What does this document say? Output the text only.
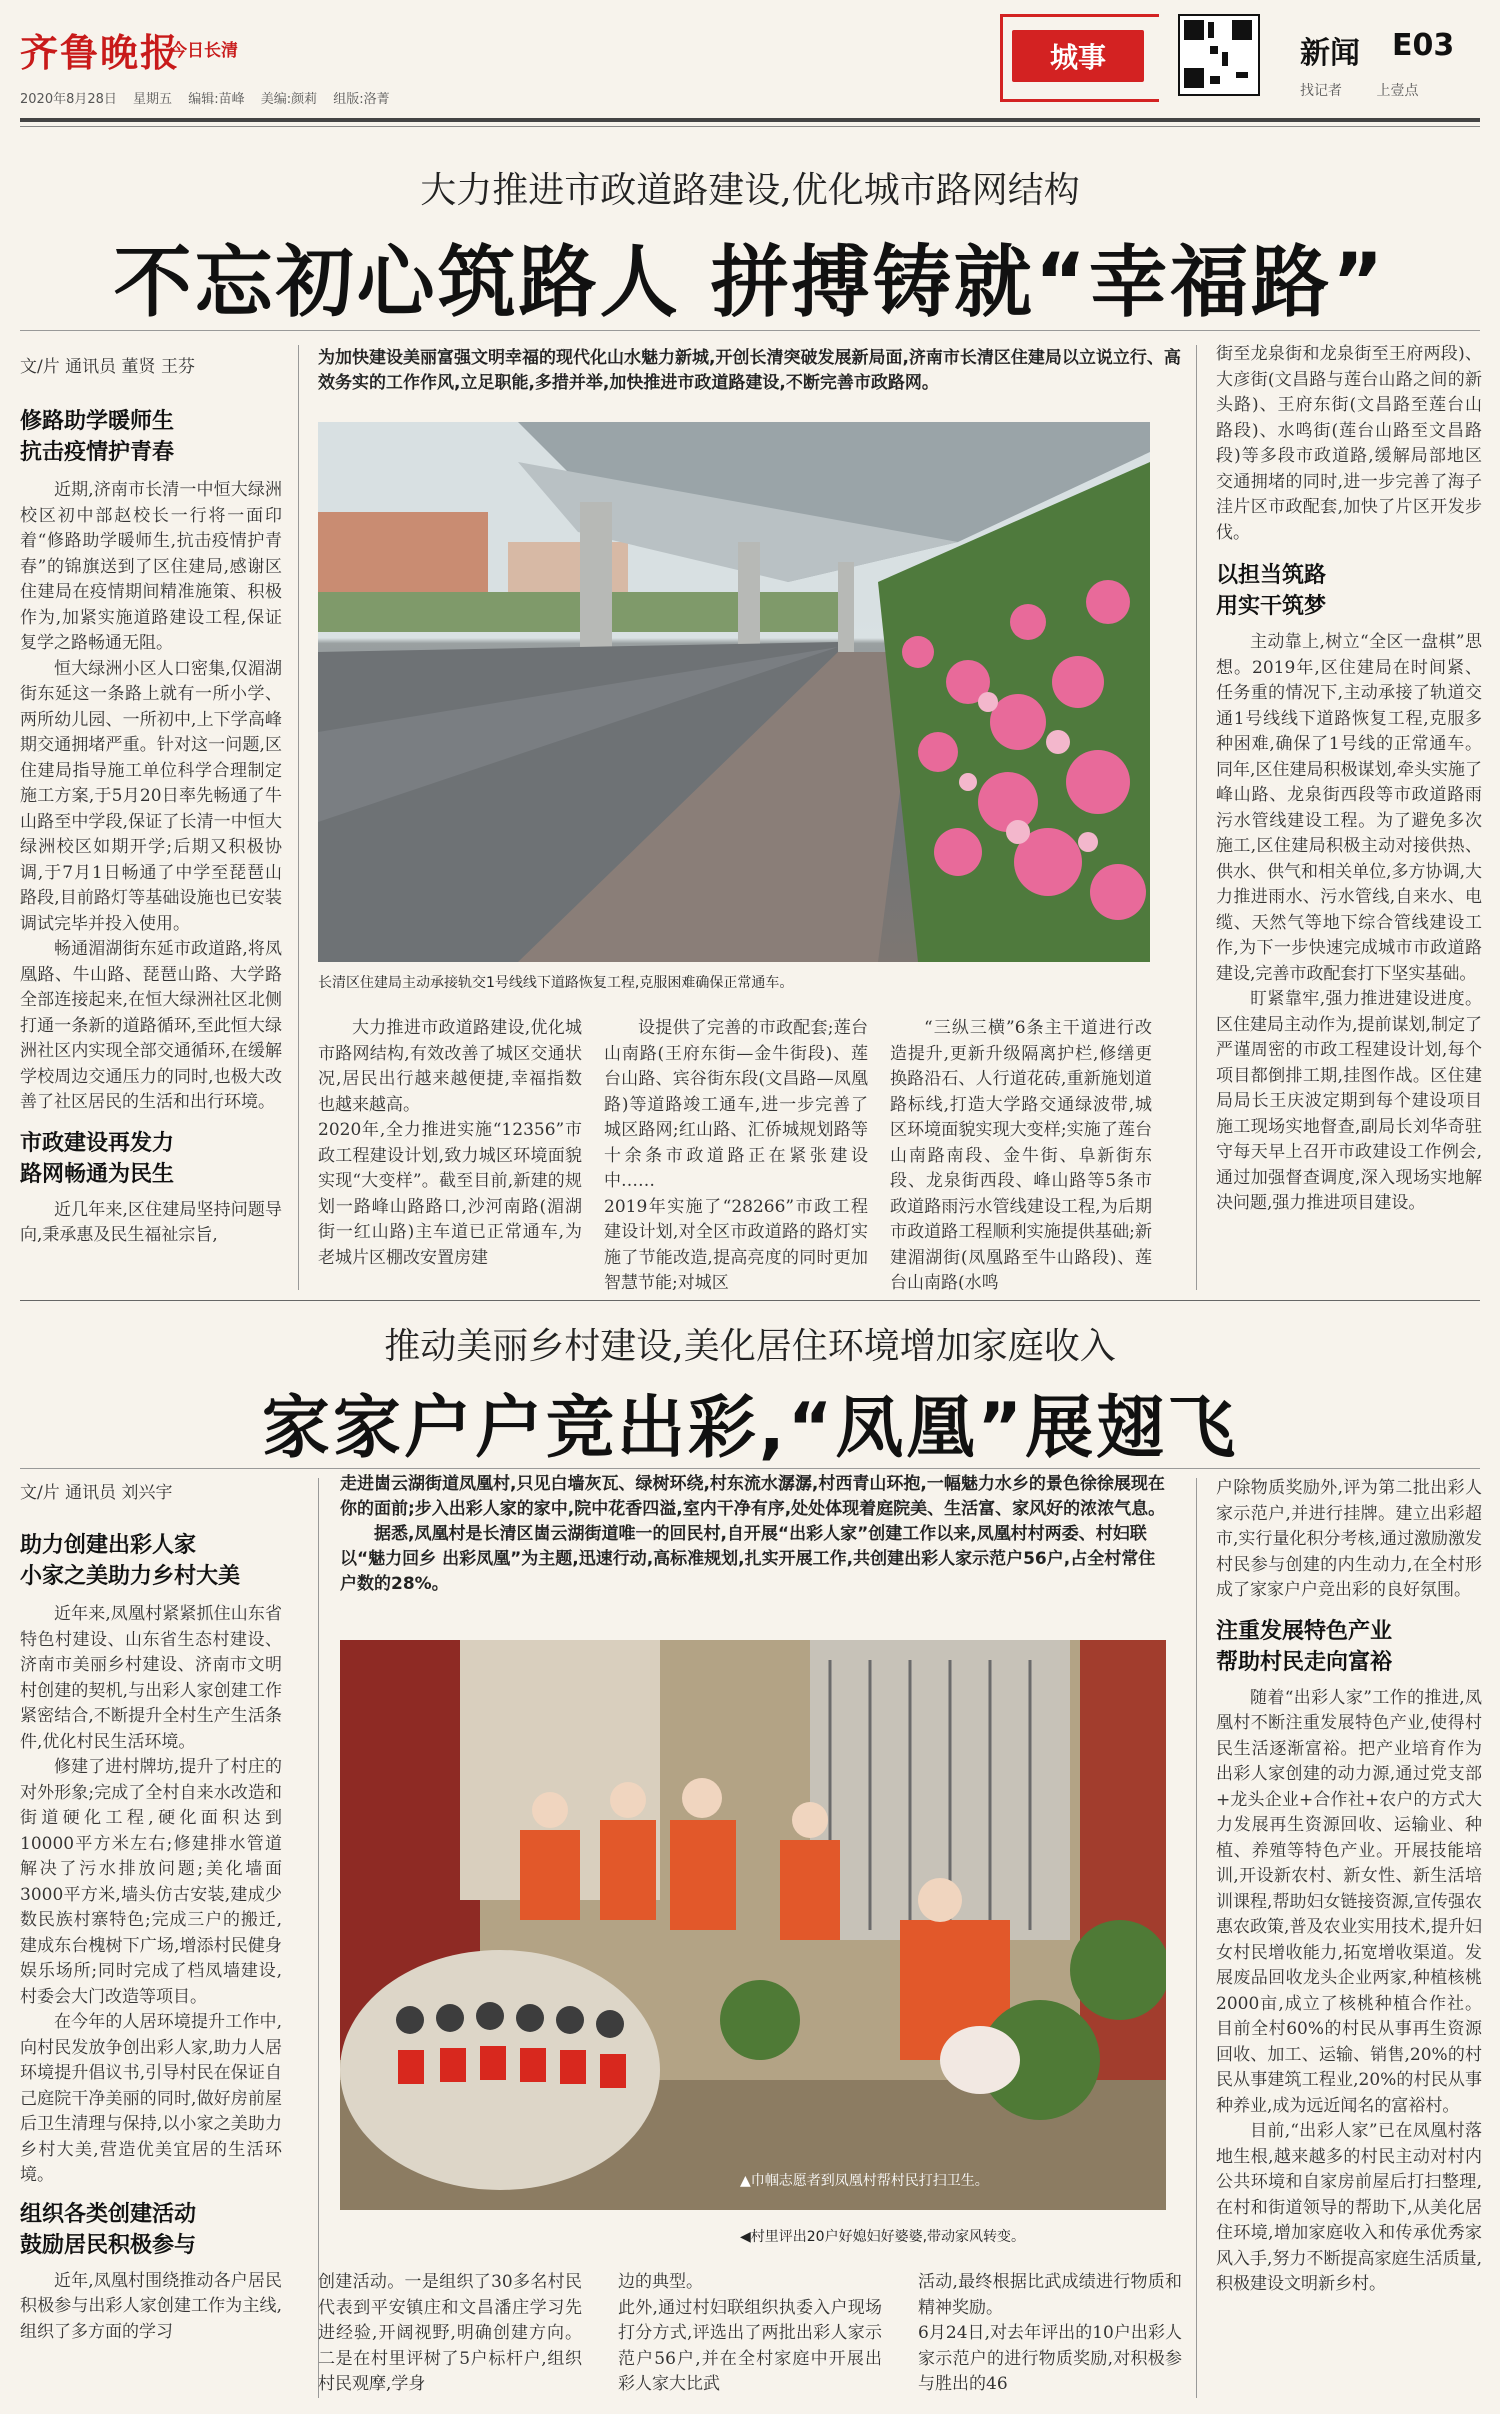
齐鲁晚报
今日长清
2020年8月28日 星期五 编辑:苗峰 美编:颜莉 组版:洛菁
城事	新闻 E03
找记者 上壹点
大力推进市政道路建设,优化城市路网结构
不忘初心筑路人 拼搏铸就“幸福路”
文/片 通讯员 董贤 王芬	为加快建设美丽富强文明幸福的现代化山水魅力新城,开创长清突破发展新局面,济南市长清区住建局以立说立行、高效务实的工作作风,立足职能,多措并举,加快推进市政道路建设,不断完善市政路网。
修路助学暖师生
抗击疫情护青春

近期,济南市长清一中恒大绿洲校区初中部赵校长一行将一面印着“修路助学暖师生,抗击疫情护青春”的锦旗送到了区住建局,感谢区住建局在疫情期间精准施策、积极作为,加紧实施道路建设工程,保证复学之路畅通无阻。

恒大绿洲小区人口密集,仅湄湖街东延这一条路上就有一所小学、两所幼儿园、一所初中,上下学高峰期交通拥堵严重。针对这一问题,区住建局指导施工单位科学合理制定施工方案,于5月20日率先畅通了牛山路至中学段,保证了长清一中恒大绿洲校区如期开学;后期又积极协调,于7月1日畅通了中学至琵琶山路段,目前路灯等基础设施也已安装调试完毕并投入使用。

畅通湄湖街东延市政道路,将凤凰路、牛山路、琵琶山路、大学路全部连接起来,在恒大绿洲社区北侧打通一条新的道路循环,至此恒大绿洲社区内实现全部交通循环,在缓解学校周边交通压力的同时,也极大改善了社区居民的生活和出行环境。

市政建设再发力
路网畅通为民生

近几年来,区住建局坚持问题导向,秉承惠及民生福祉宗旨,

长清区住建局主动承接轨交1号线线下道路恢复工程,克服困难确保正常通车。
大力推进市政道路建设,优化城市路网结构,有效改善了城区交通状况,居民出行越来越便捷,幸福指数也越来越高。
2020年,全力推进实施“12356”市政工程建设计划,致力城区环境面貌实现“大变样”。截至目前,新建的规划一路峰山路路口,沙河南路(湄湖街一红山路)主车道已正常通车,为老城片区棚改安置房建
设提供了完善的市政配套;莲台山南路(王府东街—金牛街段)、莲台山路、宾谷街东段(文昌路—凤凰路)等道路竣工通车,进一步完善了城区路网;红山路、汇侨城规划路等十余条市政道路正在紧张建设中……
2019年实施了“28266”市政工程建设计划,对全区市政道路的路灯实施了节能改造,提高亮度的同时更加智慧节能;对城区
“三纵三横”6条主干道进行改造提升,更新升级隔离护栏,修缮更换路沿石、人行道花砖,重新施划道路标线,打造大学路交通绿波带,城区环境面貌实现大变样;实施了莲台山南路南段、金牛街、阜新街东段、龙泉街西段、峰山路等5条市政道路雨污水管线建设工程,为后期市政道路工程顺利实施提供基础;新建湄湖街(凤凰路至牛山路段)、莲台山南路(水鸣

街至龙泉街和龙泉街至王府两段)、大彦街(文昌路与莲台山路之间的新头路)、王府东街(文昌路至莲台山路段)、水鸣街(莲台山路至文昌路段)等多段市政道路,缓解局部地区交通拥堵的同时,进一步完善了海子洼片区市政配套,加快了片区开发步伐。

以担当筑路
用实干筑梦

主动靠上,树立“全区一盘棋”思想。2019年,区住建局在时间紧、任务重的情况下,主动承接了轨道交通1号线线下道路恢复工程,克服多种困难,确保了1号线的正常通车。同年,区住建局积极谋划,牵头实施了峰山路、龙泉街西段等市政道路雨污水管线建设工程。为了避免多次施工,区住建局积极主动对接供热、供水、供气和相关单位,多方协调,大力推进雨水、污水管线,自来水、电缆、天然气等地下综合管线建设工作,为下一步快速完成城市市政道路建设,完善市政配套打下坚实基础。

盯紧靠牢,强力推进建设进度。区住建局主动作为,提前谋划,制定了严谨周密的市政工程建设计划,每个项目都倒排工期,挂图作战。区住建局局长王庆波定期到每个建设项目施工现场实地督查,副局长刘华奇驻守每天早上召开市政建设工作例会,通过加强督查调度,深入现场实地解决问题,强力推进项目建设。

推动美丽乡村建设,美化居住环境增加家庭收入
家家户户竞出彩,“凤凰”展翅飞
文/片 通讯员 刘兴宇	走进崮云湖街道凤凰村,只见白墙灰瓦、绿树环绕,村东流水潺潺,村西青山环抱,一幅魅力水乡的景色徐徐展现在你的面前;步入出彩人家的家中,院中花香四溢,室内干净有序,处处体现着庭院美、生活富、家风好的浓浓气息。
据悉,凤凰村是长清区崮云湖街道唯一的回民村,自开展“出彩人家”创建工作以来,凤凰村村两委、村妇联以“魅力回乡 出彩凤凰”为主题,迅速行动,高标准规划,扎实开展工作,共创建出彩人家示范户56户,占全村常住户数的28%。
助力创建出彩人家
小家之美助力乡村大美

近年来,凤凰村紧紧抓住山东省特色村建设、山东省生态村建设、济南市美丽乡村建设、济南市文明村创建的契机,与出彩人家创建工作紧密结合,不断提升全村生产生活条件,优化村民生活环境。

修建了进村牌坊,提升了村庄的对外形象;完成了全村自来水改造和街道硬化工程,硬化面积达到10000平方米左右;修建排水管道解决了污水排放问题;美化墙面3000平方米,墙头仿古安装,建成少数民族村寨特色;完成三户的搬迁,建成东台槐树下广场,增添村民健身娱乐场所;同时完成了档凤墙建设,村委会大门改造等项目。

在今年的人居环境提升工作中,向村民发放争创出彩人家,助力人居环境提升倡议书,引导村民在保证自己庭院干净美丽的同时,做好房前屋后卫生清理与保持,以小家之美助力乡村大美,营造优美宜居的生活环境。

组织各类创建活动
鼓励居民积极参与

近年,凤凰村围绕推动各户居民积极参与出彩人家创建工作为主线,组织了多方面的学习

▲巾帼志愿者到凤凰村帮村民打扫卫生。
◀村里评出20户好媳妇好婆婆,带动家风转变。
创建活动。一是组织了30多名村民代表到平安镇庄和文昌潘庄学习先进经验,开阔视野,明确创建方向。二是在村里评树了5户标杆户,组织村民观摩,学身
边的典型。
此外,通过村妇联组织执委入户现场打分方式,评选出了两批出彩人家示范户56户,并在全村家庭中开展出彩人家大比武
活动,最终根据比武成绩进行物质和精神奖励。
6月24日,对去年评出的10户出彩人家示范户的进行物质奖励,对积极参与胜出的46

户除物质奖励外,评为第二批出彩人家示范户,并进行挂牌。建立出彩超市,实行量化积分考核,通过激励激发村民参与创建的内生动力,在全村形成了家家户户竞出彩的良好氛围。

注重发展特色产业
帮助村民走向富裕

随着“出彩人家”工作的推进,凤凰村不断注重发展特色产业,使得村民生活逐渐富裕。把产业培育作为出彩人家创建的动力源,通过党支部+龙头企业+合作社+农户的方式大力发展再生资源回收、运输业、种植、养殖等特色产业。开展技能培训,开设新农村、新女性、新生活培训课程,帮助妇女链接资源,宣传强农惠农政策,普及农业实用技术,提升妇女村民增收能力,拓宽增收渠道。发展废品回收龙头企业两家,种植核桃2000亩,成立了核桃种植合作社。目前全村60%的村民从事再生资源回收、加工、运输、销售,20%的村民从事建筑工程业,20%的村民从事种养业,成为远近闻名的富裕村。

目前,“出彩人家”已在凤凰村落地生根,越来越多的村民主动对村内公共环境和自家房前屋后打扫整理,在村和街道领导的帮助下,从美化居住环境,增加家庭收入和传承优秀家风入手,努力不断提高家庭生活质量,积极建设文明新乡村。
